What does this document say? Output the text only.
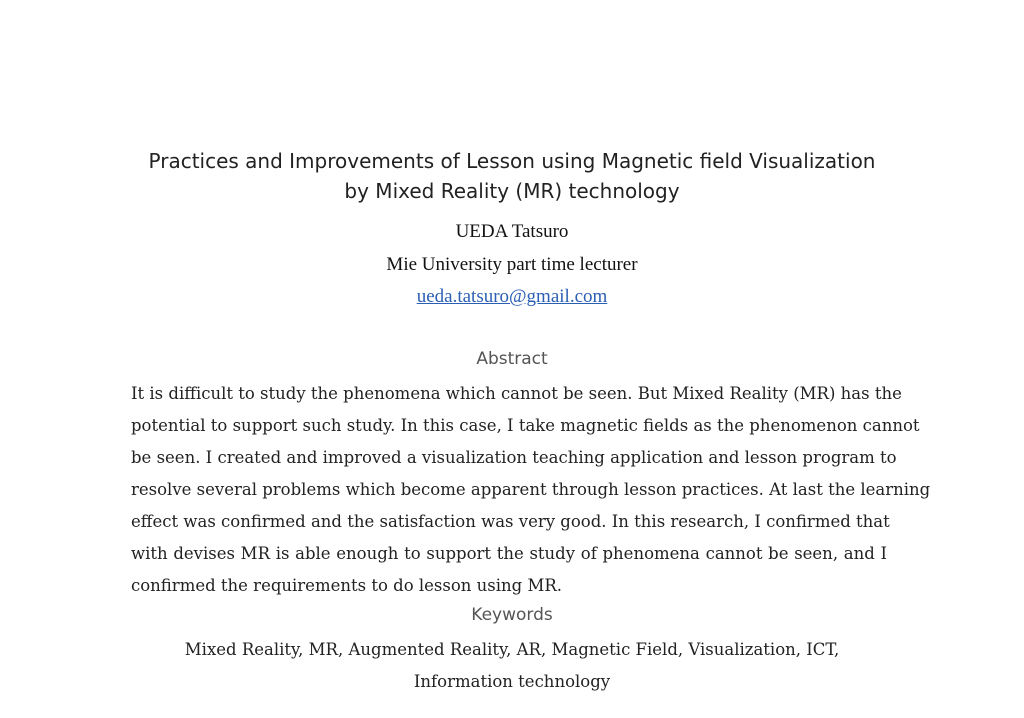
Practices and Improvements of Lesson using Magnetic field Visualization
by Mixed Reality (MR) technology
UEDA Tatsuro
Mie University part time lecturer
ueda.tatsuro@gmail.com
Abstract
It is difficult to study the phenomena which cannot be seen. But Mixed Reality (MR) has the
potential to support such study. In this case, I take magnetic fields as the phenomenon cannot
be seen. I created and improved a visualization teaching application and lesson program to
resolve several problems which become apparent through lesson practices. At last the learning
effect was confirmed and the satisfaction was very good. In this research, I confirmed that
with devises MR is able enough to support the study of phenomena cannot be seen, and I
confirmed the requirements to do lesson using MR.
Keywords
Mixed Reality, MR, Augmented Reality, AR, Magnetic Field, Visualization, ICT,
Information technology
